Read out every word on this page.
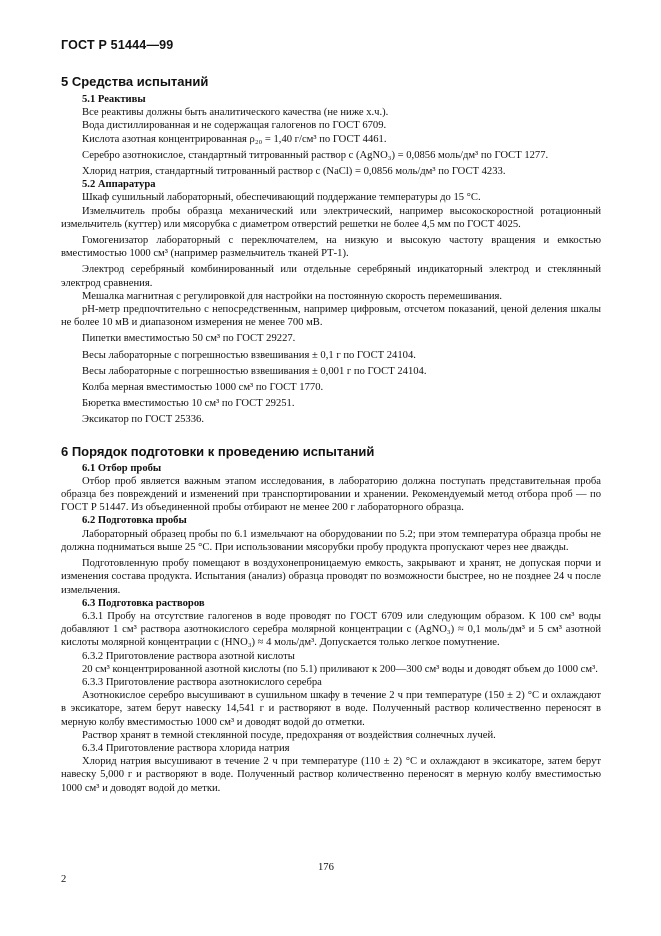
ГОСТ Р 51444—99
5 Средства испытаний
5.1 Реактивы

Все реактивы должны быть аналитического качества (не ниже х.ч.).

Вода дистиллированная и не содержащая галогенов по ГОСТ 6709.

Кислота азотная концентрированная ρ₂₀ = 1,40 г/см³ по ГОСТ 4461.

Серебро азотнокислое, стандартный титрованный раствор с (AgNO₃) = 0,0856 моль/дм³ по ГОСТ 1277.

Хлорид натрия, стандартный титрованный раствор с (NaCl) = 0,0856 моль/дм³ по ГОСТ 4233.

5.2 Аппаратура

Шкаф сушильный лабораторный, обеспечивающий поддержание температуры до 15 °С.

Измельчитель пробы образца механический или электрический, например высокоскоростной ротационный измельчитель (куттер) или мясорубка с диаметром отверстий решетки не более 4,5 мм по ГОСТ 4025.

Гомогенизатор лабораторный с переключателем, на низкую и высокую частоту вращения и емкостью вместимостью 1000 см³ (например размельчитель тканей РТ-1).

Электрод серебряный комбинированный или отдельные серебряный индикаторный электрод и стеклянный электрод сравнения.

Мешалка магнитная с регулировкой для настройки на постоянную скорость перемешивания.

pH-метр предпочтительно с непосредственным, например цифровым, отсчетом показаний, ценой деления шкалы не более 10 мВ и диапазоном измерения не менее 700 мВ.

Пипетки вместимостью 50 см³ по ГОСТ 29227.

Весы лабораторные с погрешностью взвешивания ± 0,1 г по ГОСТ 24104.

Весы лабораторные с погрешностью взвешивания ± 0,001 г по ГОСТ 24104.

Колба мерная вместимостью 1000 см³ по ГОСТ 1770.

Бюретка вместимостью 10 см³ по ГОСТ 29251.

Эксикатор по ГОСТ 25336.

6 Порядок подготовки к проведению испытаний
6.1 Отбор пробы

Отбор проб является важным этапом исследования, в лабораторию должна поступать представительная проба образца без повреждений и изменений при транспортировании и хранении. Рекомендуемый метод отбора проб — по ГОСТ Р 51447. Из объединенной пробы отбирают не менее 200 г лабораторного образца.

6.2 Подготовка пробы

Лабораторный образец пробы по 6.1 измельчают на оборудовании по 5.2; при этом температура образца пробы не должна подниматься выше 25 °С. При использовании мясорубки пробу продукта пропускают через нее дважды.

Подготовленную пробу помещают в воздухонепроницаемую емкость, закрывают и хранят, не допуская порчи и изменения состава продукта. Испытания (анализ) образца проводят по возможности быстрее, но не позднее 24 ч после измельчения.

6.3 Подготовка растворов

6.3.1 Пробу на отсутствие галогенов в воде проводят по ГОСТ 6709 или следующим образом. К 100 см³ воды добавляют 1 см³ раствора азотнокислого серебра молярной концентрации с (AgNO₃) ≈ 0,1 моль/дм³ и 5 см³ азотной кислоты молярной концентрации с (HNO₃) ≈ 4 моль/дм³. Допускается только легкое помутнение.

6.3.2 Приготовление раствора азотной кислоты

20 см³ концентрированной азотной кислоты (по 5.1) приливают к 200—300 см³ воды и доводят объем до 1000 см³.

6.3.3 Приготовление раствора азотнокислого серебра

Азотнокислое серебро высушивают в сушильном шкафу в течение 2 ч при температуре (150 ± 2) °С и охлаждают в эксикаторе, затем берут навеску 14,541 г и растворяют в воде. Полученный раствор количественно переносят в мерную колбу вместимостью 1000 см³ и доводят водой до отметки.

Раствор хранят в темной стеклянной посуде, предохраняя от воздействия солнечных лучей.

6.3.4 Приготовление раствора хлорида натрия

Хлорид натрия высушивают в течение 2 ч при температуре (110 ± 2) °С и охлаждают в эксикаторе, затем берут навеску 5,000 г и растворяют в воде. Полученный раствор количественно переносят в мерную колбу вместимостью 1000 см³ и доводят водой до метки.

2
176
